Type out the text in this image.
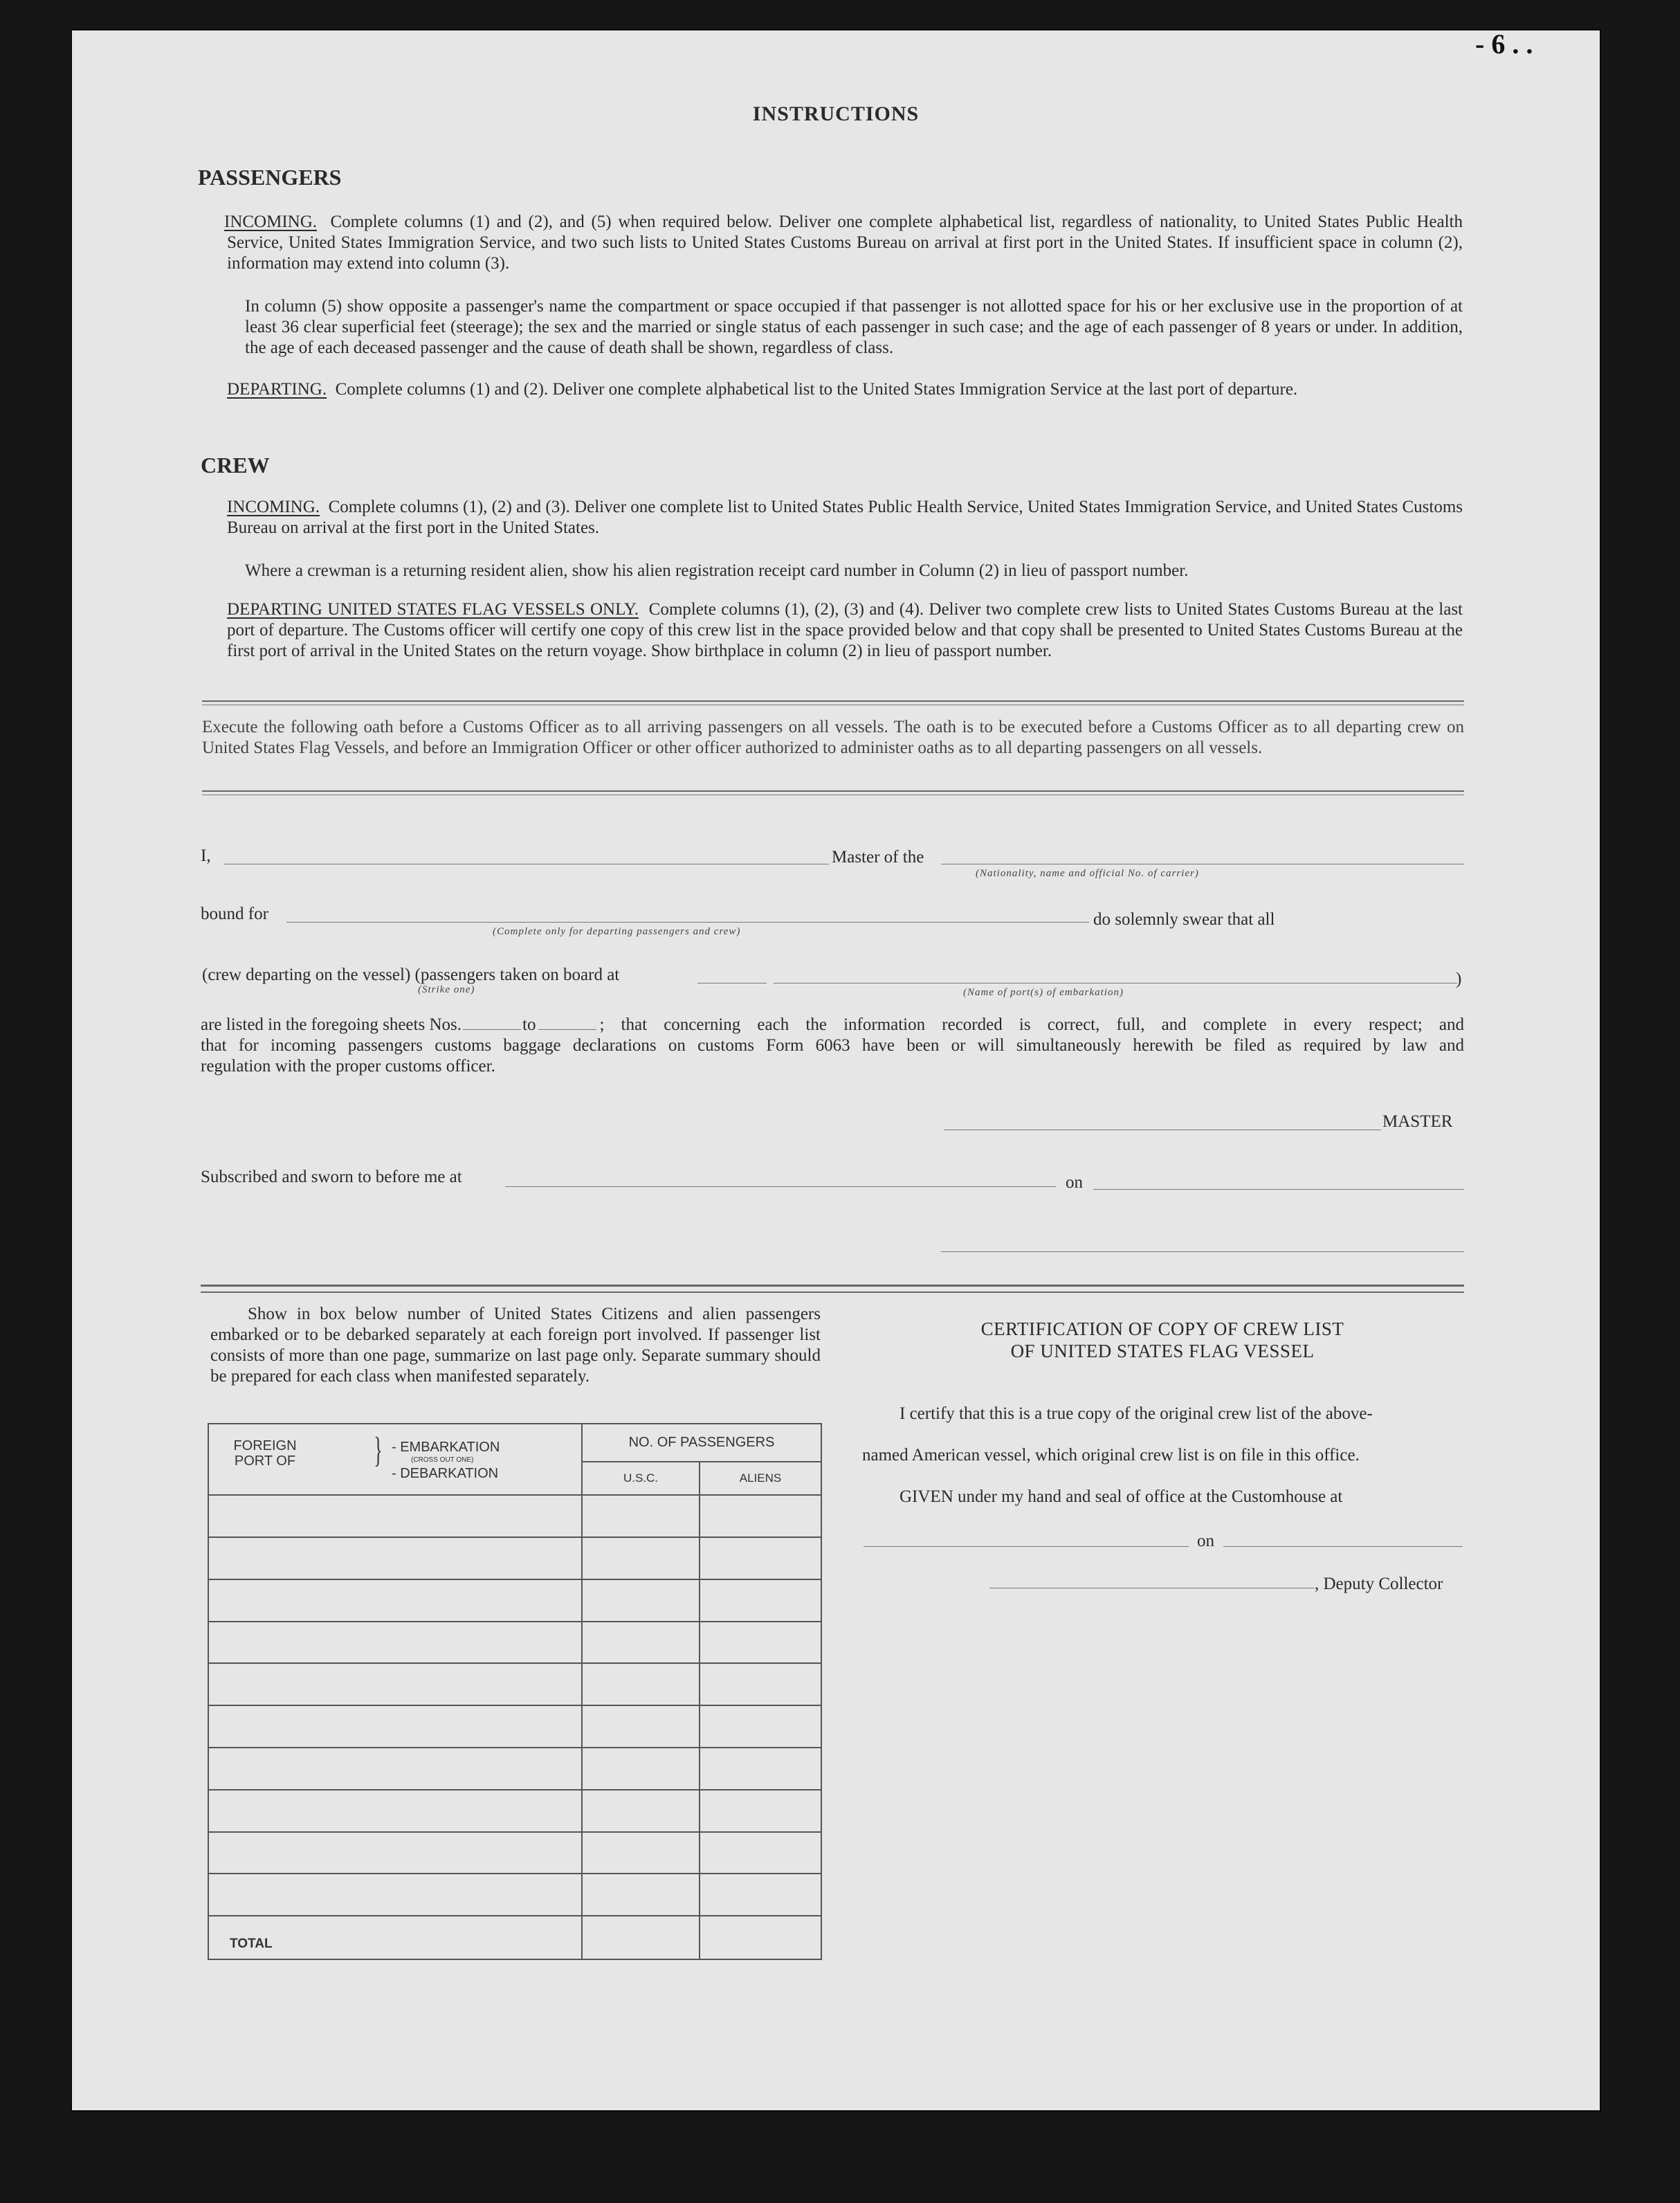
- 6 . .
INSTRUCTIONS
PASSENGERS
INCOMING. Complete columns (1) and (2), and (5) when required below. Deliver one complete alphabetical list, regardless of nationality, to United States Public Health Service, United States Immigration Service, and two such lists to United States Customs Bureau on arrival at first port in the United States. If insufficient space in column (2), information may extend into column (3).
In column (5) show opposite a passenger's name the compartment or space occupied if that passenger is not allotted space for his or her exclusive use in the proportion of at least 36 clear superficial feet (steerage); the sex and the married or single status of each passenger in such case; and the age of each passenger of 8 years or under. In addition, the age of each deceased passenger and the cause of death shall be shown, regardless of class.
DEPARTING. Complete columns (1) and (2). Deliver one complete alphabetical list to the United States Immigration Service at the last port of departure.
CREW
INCOMING. Complete columns (1), (2) and (3). Deliver one complete list to United States Public Health Service, United States Immigration Service, and United States Customs Bureau on arrival at the first port in the United States.
Where a crewman is a returning resident alien, show his alien registration receipt card number in Column (2) in lieu of passport number.
DEPARTING UNITED STATES FLAG VESSELS ONLY. Complete columns (1), (2), (3) and (4). Deliver two complete crew lists to United States Customs Bureau at the last port of departure. The Customs officer will certify one copy of this crew list in the space provided below and that copy shall be presented to United States Customs Bureau at the first port of arrival in the United States on the return voyage. Show birthplace in column (2) in lieu of passport number.
Execute the following oath before a Customs Officer as to all arriving passengers on all vessels. The oath is to be executed before a Customs Officer as to all departing crew on United States Flag Vessels, and before an Immigration Officer or other officer authorized to administer oaths as to all departing passengers on all vessels.
I,	Master of the
(Nationality, name and official No. of carrier)
bound for
(Complete only for departing passengers and crew)
do solemnly swear that all
(crew departing on the vessel) (passengers taken on board at	)
(Strike one)	(Name of port(s) of embarkation)
are listed in the foregoing sheets Nos.	to	; that concerning each the information recorded is correct, full, and complete in every respect; and
that for incoming passengers customs baggage declarations on customs Form 6063 have been or will simultaneously herewith be filed as required by law and
regulation with the proper customs officer.
MASTER
Subscribed and sworn to before me at	on
Show in box below number of United States Citizens and alien passengers embarked or to be debarked separately at each foreign port involved. If passenger list consists of more than one page, summarize on last page only. Separate summary should be prepared for each class when manifested separately.
FOREIGN PORT OF } - EMBARKATION
(CROSS OUT ONE)
- DEBARKATION	NO. OF PASSENGERS	
	U.S.C.	ALIENS

TOTAL		
CERTIFICATION OF COPY OF CREW LIST
OF UNITED STATES FLAG VESSEL
I certify that this is a true copy of the original crew list of the above-
named American vessel, which original crew list is on file in this office.
GIVEN under my hand and seal of office at the Customhouse at
on
, Deputy Collector
